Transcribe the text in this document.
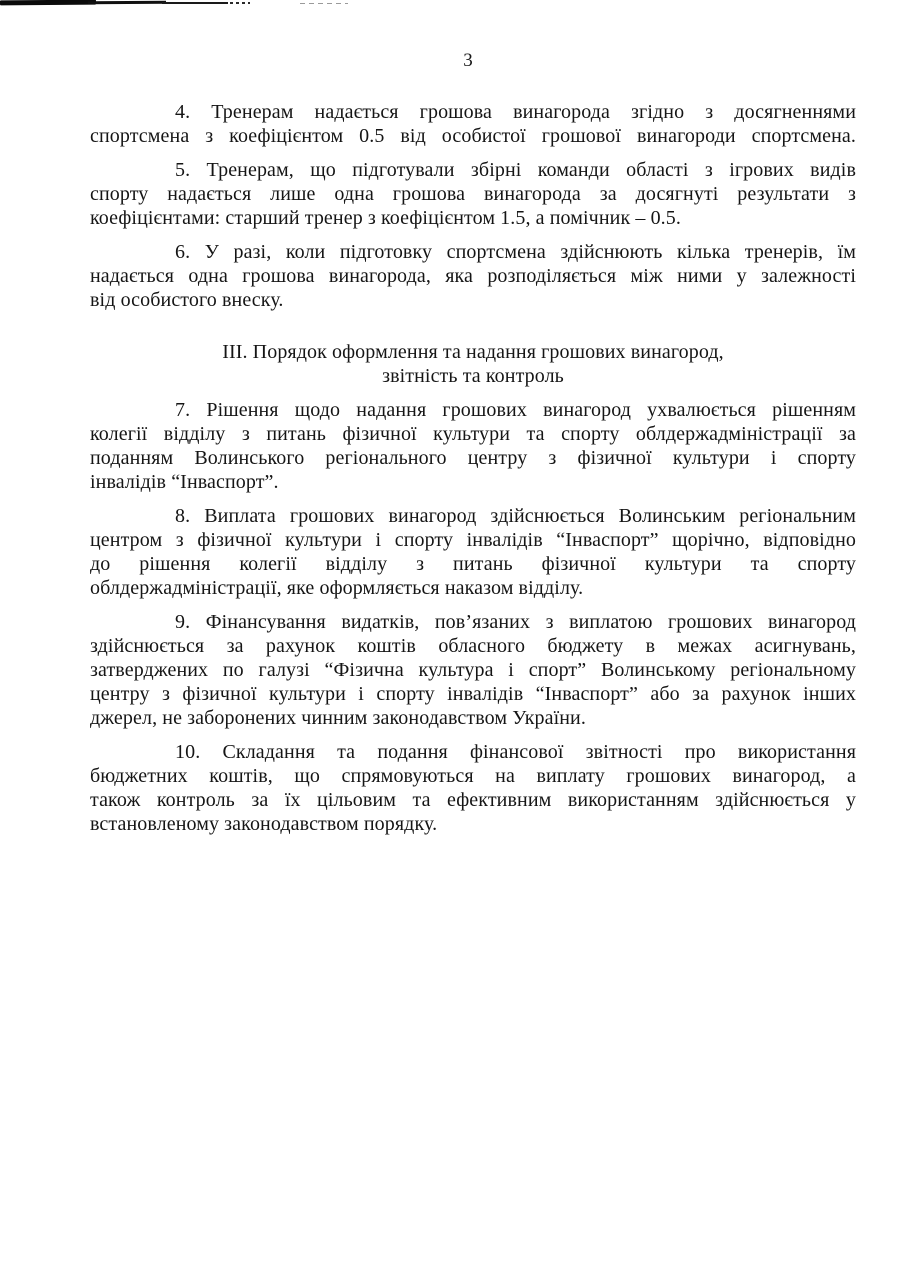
3

4. Тренерам надається грошова винагорода згідно з досягненнями
спортсмена з коефіцієнтом 0.5 від особистої грошової винагороди спортсмена.

5. Тренерам, що підготували збірні команди області з ігрових видів
спорту надається лише одна грошова винагорода за досягнуті результати з
коефіцієнтами: старший тренер з коефіцієнтом 1.5, а помічник – 0.5.

6. У разі, коли підготовку спортсмена здійснюють кілька тренерів, їм
надається одна грошова винагорода, яка розподіляється між ними у залежності
від особистого внеску.

III. Порядок оформлення та надання грошових винагород,
звітність та контроль

7. Рішення щодо надання грошових винагород ухвалюється рішенням
колегії відділу з питань фізичної культури та спорту облдержадміністрації за
поданням Волинського регіонального центру з фізичної культури і спорту
інвалідів “Інваспорт”.

8. Виплата грошових винагород здійснюється Волинським регіональним
центром з фізичної культури і спорту інвалідів “Інваспорт” щорічно, відповідно
до рішення колегії відділу з питань фізичної культури та спорту
облдержадміністрації, яке оформляється наказом відділу.

9. Фінансування видатків, пов’язаних з виплатою грошових винагород
здійснюється за рахунок коштів обласного бюджету в межах асигнувань,
затверджених по галузі “Фізична культура і спорт” Волинському регіональному
центру з фізичної культури і спорту інвалідів “Інваспорт” або за рахунок інших
джерел, не заборонених чинним законодавством України.

10. Складання та подання фінансової звітності про використання
бюджетних коштів, що спрямовуються на виплату грошових винагород, а
також контроль за їх цільовим та ефективним використанням здійснюється у
встановленому законодавством порядку.
